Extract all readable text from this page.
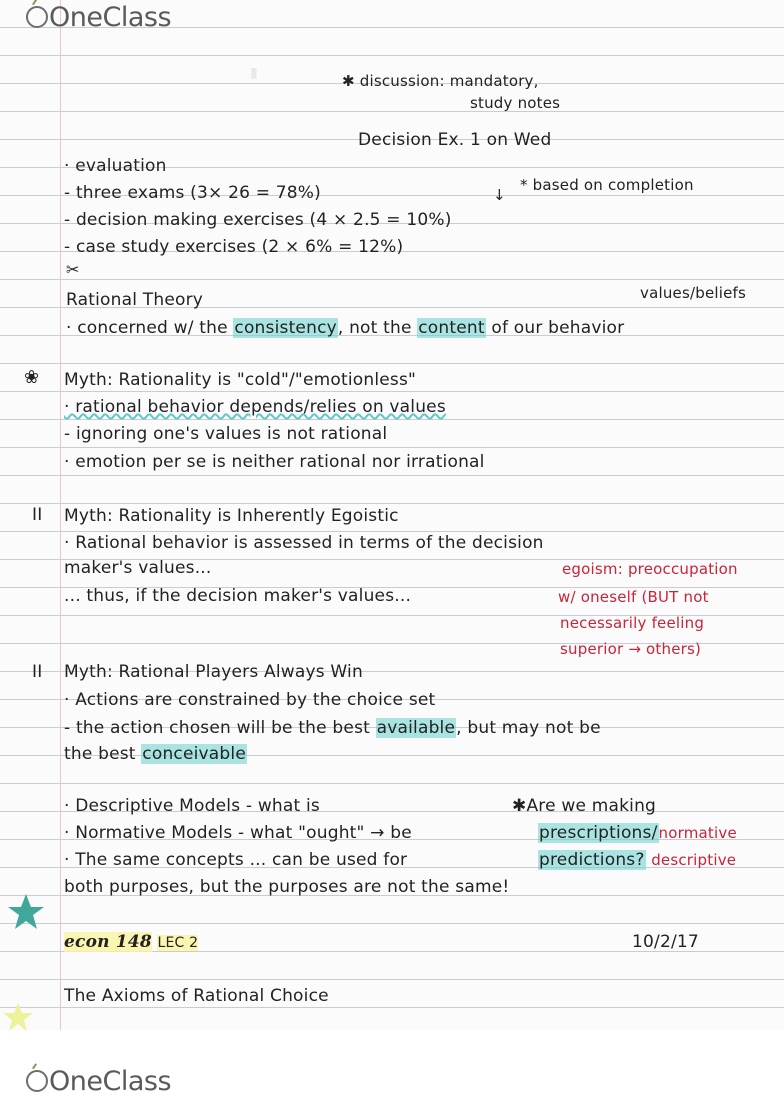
OneClass
▮	✱ discussion: mandatory,
study notes
Decision Ex. 1 on Wed
· evaluation
- three exams (3× 26 = 78%)	* based on completion
↓
- decision making exercises (4 × 2.5 = 10%)
- case study exercises (2 × 6% = 12%)
✂
Rational Theory	values/beliefs
· concerned w/ the consistency, not the content of our behavior
❀ Myth: Rationality is "cold"/"emotionless"
· rational behavior depends/relies on values
- ignoring one's values is not rational
· emotion per se is neither rational nor irrational
II Myth: Rationality is Inherently Egoistic
· Rational behavior is assessed in terms of the decision
maker's values...
... thus, if the decision maker's values...
egoism: preoccupation
w/ oneself (BUT not
necessarily feeling
superior → others)
II Myth: Rational Players Always Win
· Actions are constrained by the choice set
- the action chosen will be the best available, but may not be
the best conceivable
· Descriptive Models - what is
· Normative Models - what "ought" → be
· The same concepts ... can be used for
both purposes, but the purposes are not the same!
✱Are we making
prescriptions/normative
predictions? descriptive
econ 148 LEC 2	10/2/17
The Axioms of Rational Choice
OneClass
